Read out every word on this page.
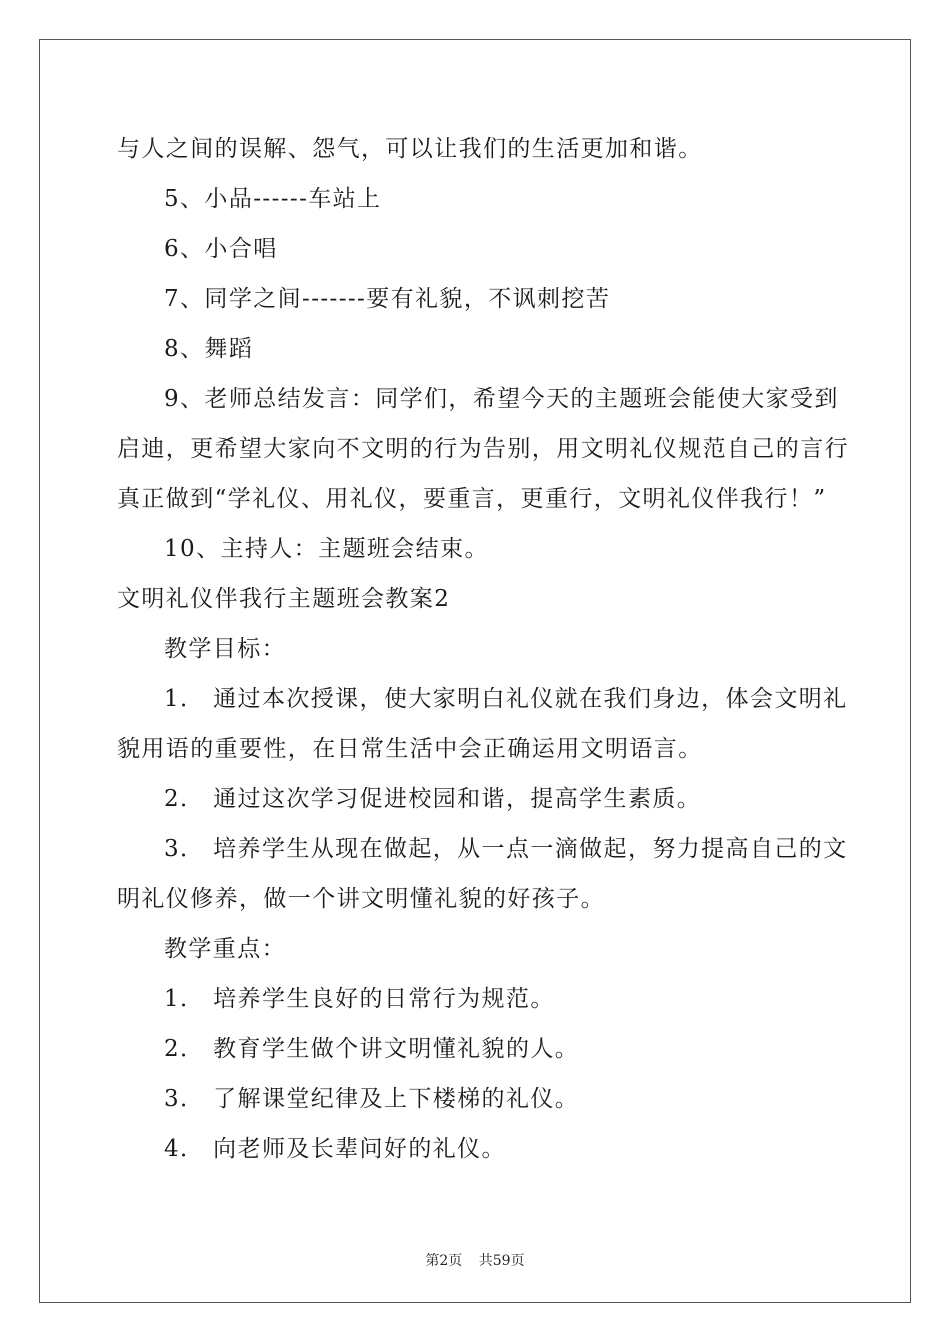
与人之间的误解、怨气，可以让我们的生活更加和谐。
5、小品------车站上
6、小合唱
7、同学之间-------要有礼貌，不讽刺挖苦
8、舞蹈
9、老师总结发言：同学们，希望今天的主题班会能使大家受到
启迪，更希望大家向不文明的行为告别，用文明礼仪规范自己的言行
真正做到“学礼仪、用礼仪，要重言，更重行，文明礼仪伴我行！”
10、主持人：主题班会结束。
文明礼仪伴我行主题班会教案2
教学目标：
1． 通过本次授课，使大家明白礼仪就在我们身边，体会文明礼
貌用语的重要性，在日常生活中会正确运用文明语言。
2． 通过这次学习促进校园和谐，提高学生素质。
3． 培养学生从现在做起，从一点一滴做起，努力提高自己的文
明礼仪修养，做一个讲文明懂礼貌的好孩子。
教学重点：
1． 培养学生良好的日常行为规范。
2． 教育学生做个讲文明懂礼貌的人。
3． 了解课堂纪律及上下楼梯的礼仪。
4． 向老师及长辈问好的礼仪。
第2页 共59页
